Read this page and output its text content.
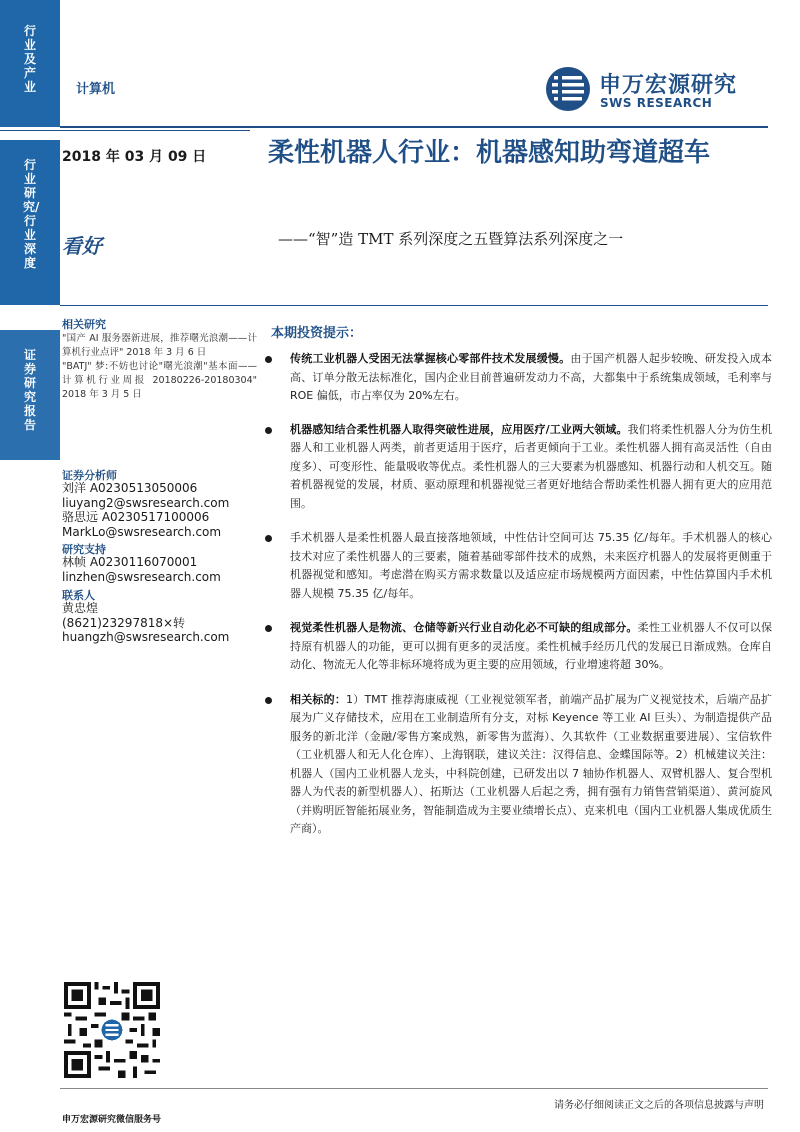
行业及产业
行业研究/行业深度
证券研究报告
计算机	申万宏源研究
SWS RESEARCH
2018 年 03 月 09 日 柔性机器人行业：机器感知助弯道超车
看好	——“智”造 TMT 系列深度之五暨算法系列深度之一
相关研究

"国产 AI 服务器新进展，推荐曙光浪潮——计算机行业点评" 2018 年 3 月 6 日

"BATJ" 梦:不妨也讨论"曙光浪潮"基本面——计算机行业周报 20180226-20180304" 2018 年 3 月 5 日

证券分析师
刘洋 A0230513050006
liuyang2@swsresearch.com
骆思远 A0230517100006
MarkLo@swsresearch.com
研究支持
林帧 A0230116070001
linzhen@swsresearch.com
联系人
黄忠煌
(8621)23297818×转
huangzh@swsresearch.com
本期投资提示：
传统工业机器人受困无法掌握核心零部件技术发展缓慢。由于国产机器人起步较晚、研发投入成本高、订单分散无法标准化，国内企业目前普遍研发动力不高，大都集中于系统集成领域，毛利率与 ROE 偏低，市占率仅为 20%左右。
机器感知结合柔性机器人取得突破性进展，应用医疗/工业两大领域。我们将柔性机器人分为仿生机器人和工业机器人两类，前者更适用于医疗，后者更倾向于工业。柔性机器人拥有高灵活性（自由度多）、可变形性、能量吸收等优点。柔性机器人的三大要素为机器感知、机器行动和人机交互。随着机器视觉的发展，材质、驱动原理和机器视觉三者更好地结合帮助柔性机器人拥有更大的应用范围。
手术机器人是柔性机器人最直接落地领域，中性估计空间可达 75.35 亿/每年。手术机器人的核心技术对应了柔性机器人的三要素，随着基础零部件技术的成熟，未来医疗机器人的发展将更侧重于机器视觉和感知。考虑潜在购买方需求数量以及适应症市场规模两方面因素，中性估算国内手术机器人规模 75.35 亿/每年。
视觉柔性机器人是物流、仓储等新兴行业自动化必不可缺的组成部分。柔性工业机器人不仅可以保持原有机器人的功能，更可以拥有更多的灵活度。柔性机械手经历几代的发展已日渐成熟。仓库自动化、物流无人化等非标环境将成为更主要的应用领域，行业增速将超 30%。
相关标的：1）TMT 推荐海康威视（工业视觉领军者，前端产品扩展为广义视觉技术，后端产品扩展为广义存储技术，应用在工业制造所有分支，对标 Keyence 等工业 AI 巨头）、为制造提供产品服务的新北洋（金融/零售方案成熟，新零售为蓝海）、久其软件（工业数据重要进展）、宝信软件（工业机器人和无人化仓库）、上海钢联，建议关注：汉得信息、金蝶国际等。2）机械建议关注：机器人（国内工业机器人龙头，中科院创建，已研发出以 7 轴协作机器人、双臂机器人、复合型机器人为代表的新型机器人）、拓斯达（工业机器人后起之秀，拥有强有力销售营销渠道）、黄河旋风（并购明匠智能拓展业务，智能制造成为主要业绩增长点）、克来机电（国内工业机器人集成优质生产商）。
申万宏源研究微信服务号
请务必仔细阅读正文之后的各项信息披露与声明
